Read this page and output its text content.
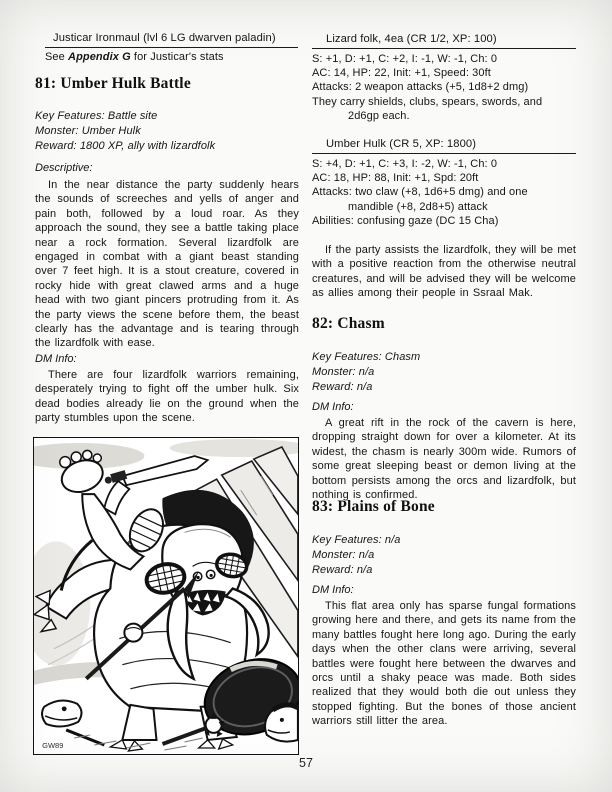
Justicar Ironmaul (lvl 6 LG dwarven paladin)
See Appendix G for Justicar's stats
81: Umber Hulk Battle
Key Features: Battle site
Monster: Umber Hulk
Reward: 1800 XP, ally with lizardfolk
Descriptive:
In the near distance the party suddenly hears the sounds of screeches and yells of anger and pain both, followed by a loud roar. As they approach the sound, they see a battle taking place near a rock formation. Several lizardfolk are engaged in combat with a giant beast standing over 7 feet high. It is a stout creature, covered in rocky hide with great clawed arms and a huge head with two giant pincers protruding from it. As the party views the scene before them, the beast clearly has the advantage and is tearing through the lizardfolk with ease.
DM Info:
There are four lizardfolk warriors remaining, desperately trying to fight off the umber hulk. Six dead bodies already lie on the ground when the party stumbles upon the scene.
GW89
Lizard folk, 4ea (CR 1/2, XP: 100)
S: +1, D: +1, C: +2, I: -1, W: -1, Ch: 0
AC: 14, HP: 22, Init: +1, Speed: 30ft
Attacks: 2 weapon attacks (+5, 1d8+2 dmg)
They carry shields, clubs, spears, swords, and
2d6gp each.
Umber Hulk (CR 5, XP: 1800)
S: +4, D: +1, C: +3, I: -2, W: -1, Ch: 0
AC: 18, HP: 88, Init: +1, Spd: 20ft
Attacks: two claw (+8, 1d6+5 dmg) and one
mandible (+8, 2d8+5) attack
Abilities: confusing gaze (DC 15 Cha)
If the party assists the lizardfolk, they will be met with a positive reaction from the otherwise neutral creatures, and will be advised they will be welcome as allies among their people in Ssraal Mak.
82: Chasm
Key Features: Chasm
Monster: n/a
Reward: n/a
DM Info:
A great rift in the rock of the cavern is here, dropping straight down for over a kilometer. At its widest, the chasm is nearly 300m wide. Rumors of some great sleeping beast or demon living at the bottom persists among the orcs and lizardfolk, but nothing is confirmed.
83: Plains of Bone
Key Features: n/a
Monster: n/a
Reward: n/a
DM Info:
This flat area only has sparse fungal formations growing here and there, and gets its name from the many battles fought here long ago. During the early days when the other clans were arriving, several battles were fought here between the dwarves and orcs until a shaky peace was made. Both sides realized that they would both die out unless they stopped fighting. But the bones of those ancient warriors still litter the area.
57
